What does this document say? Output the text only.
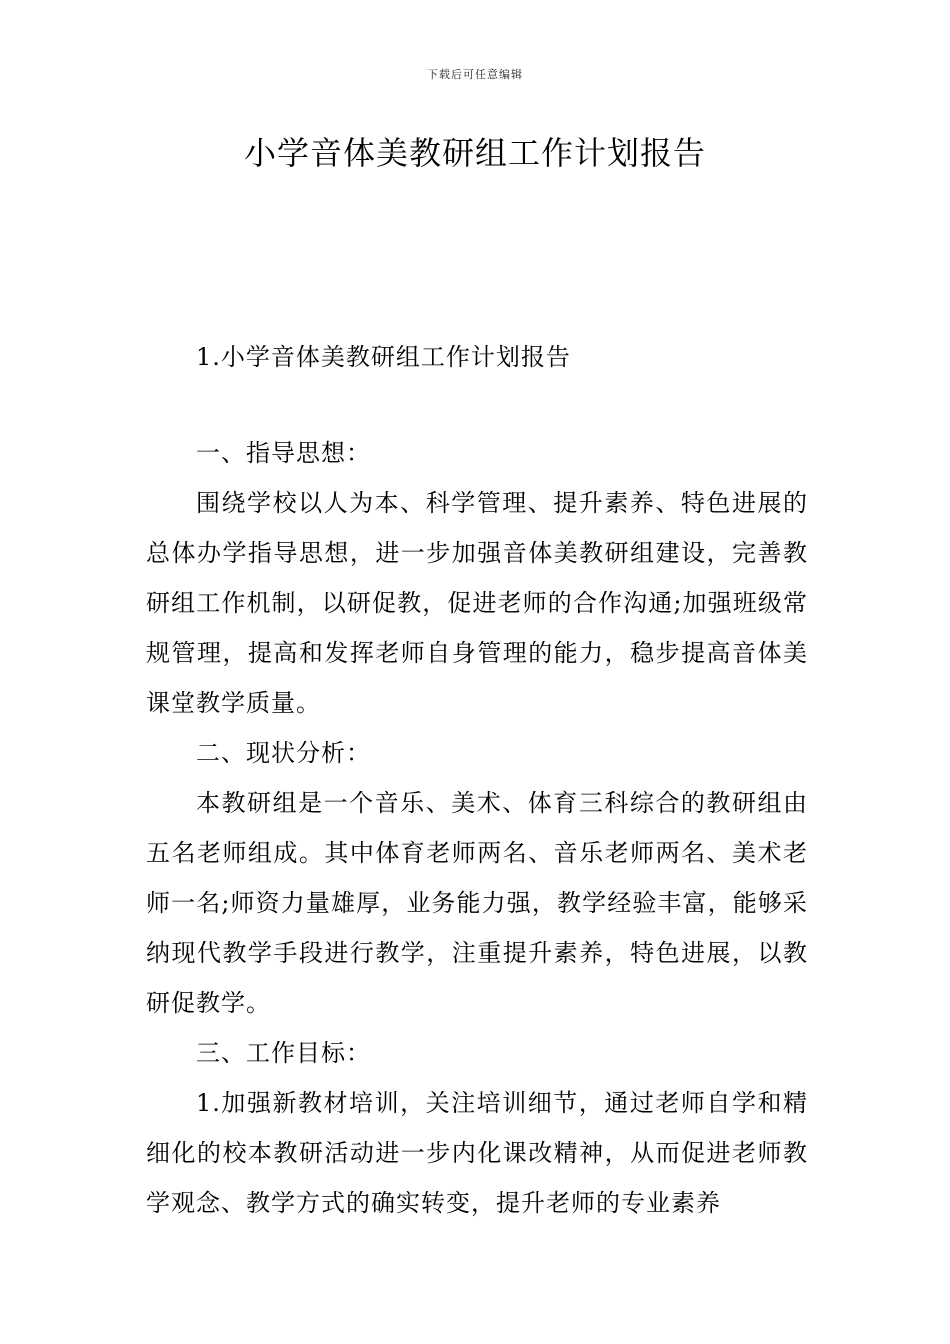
下载后可任意编辑
小学音体美教研组工作计划报告

1.小学音体美教研组工作计划报告

一、指导思想：

围绕学校以人为本、科学管理、提升素养、特色进展的总体办学指导思想，进一步加强音体美教研组建设，完善教研组工作机制，以研促教，促进老师的合作沟通;加强班级常规管理，提高和发挥老师自身管理的能力，稳步提高音体美课堂教学质量。

二、现状分析：

本教研组是一个音乐、美术、体育三科综合的教研组由五名老师组成。其中体育老师两名、音乐老师两名、美术老师一名;师资力量雄厚，业务能力强，教学经验丰富，能够采纳现代教学手段进行教学，注重提升素养，特色进展，以教研促教学。

三、工作目标：

1.加强新教材培训，关注培训细节，通过老师自学和精细化的校本教研活动进一步内化课改精神，从而促进老师教学观念、教学方式的确实转变，提升老师的专业素养
